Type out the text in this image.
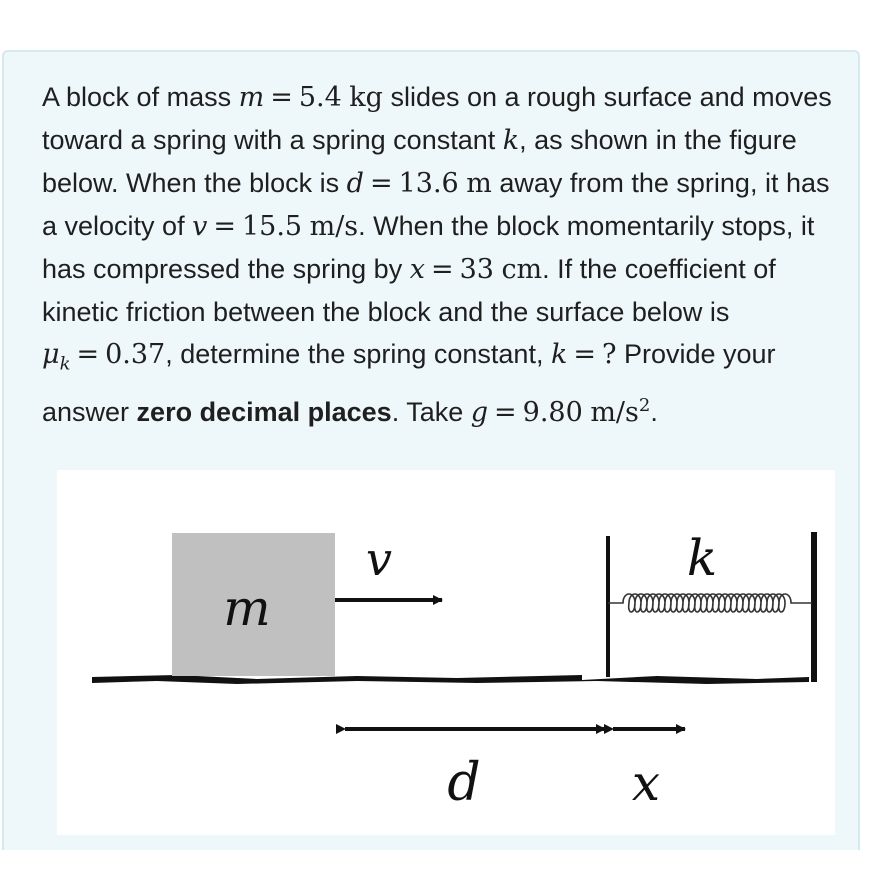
A block of mass m = 5.4 kg slides on a rough surface and moves toward a spring with a spring constant k, as shown in the figure below. When the block is d = 13.6 m away from the spring, it has a velocity of v = 15.5 m/s. When the block momentarily stops, it has compressed the spring by x = 33 cm. If the coefficient of kinetic friction between the block and the surface below is $\mu_k = 0.37$, determine the spring constant, k = ? Provide your answer zero decimal places. Take g = 9.80 $m/s^2$.
m
v	k
d	x
